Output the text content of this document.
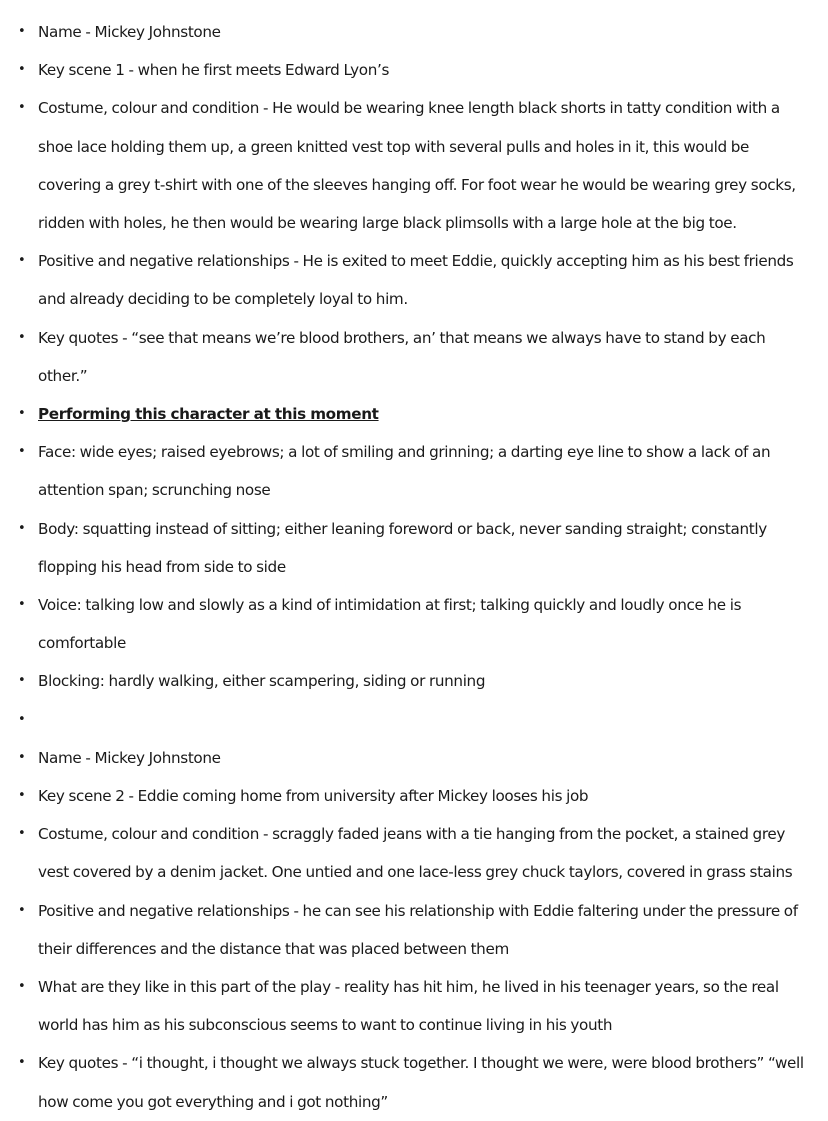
• Name - Mickey Johnstone
• Key scene 1 - when he first meets Edward Lyon’s
• Costume, colour and condition - He would be wearing knee length black shorts in tatty condition with a shoe lace holding them up, a green knitted vest top with several pulls and holes in it, this would be covering a grey t-shirt with one of the sleeves hanging off. For foot wear he would be wearing grey socks, ridden with holes, he then would be wearing large black plimsolls with a large hole at the big toe.
• Positive and negative relationships - He is exited to meet Eddie, quickly accepting him as his best friends and already deciding to be completely loyal to him.
• Key quotes - “see that means we’re blood brothers, an’ that means we always have to stand by each other.”
• Performing this character at this moment
• Face: wide eyes; raised eyebrows; a lot of smiling and grinning; a darting eye line to show a lack of an attention span; scrunching nose
• Body: squatting instead of sitting; either leaning foreword or back, never sanding straight; constantly flopping his head from side to side
• Voice: talking low and slowly as a kind of intimidation at first; talking quickly and loudly once he is comfortable
• Blocking: hardly walking, either scampering, siding or running
•
• Name - Mickey Johnstone
• Key scene 2 - Eddie coming home from university after Mickey looses his job
• Costume, colour and condition - scraggly faded jeans with a tie hanging from the pocket, a stained grey vest covered by a denim jacket. One untied and one lace-less grey chuck taylors, covered in grass stains
• Positive and negative relationships - he can see his relationship with Eddie faltering under the pressure of their differences and the distance that was placed between them
• What are they like in this part of the play - reality has hit him, he lived in his teenager years, so the real world has him as his subconscious seems to want to continue living in his youth
• Key quotes - “i thought, i thought we always stuck together. I thought we were, were blood brothers” “well how come you got everything and i got nothing”
